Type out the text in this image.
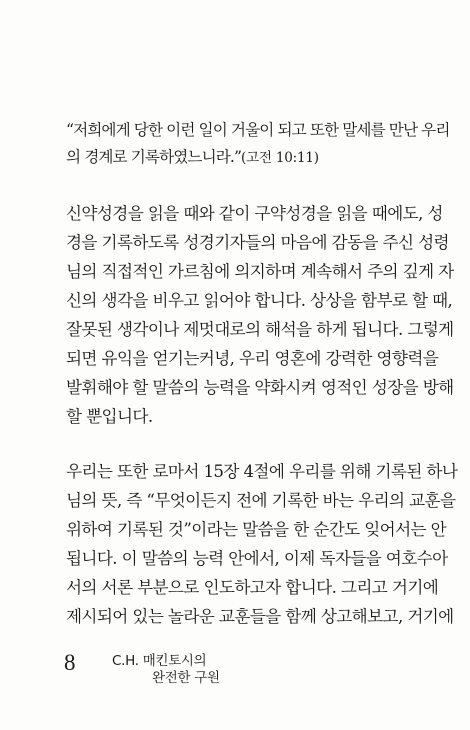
“저희에게 당한 이런 일이 거울이 되고 또한 말세를 만난 우리
의 경계로 기록하였느니라.”(고전 10:11)
신약성경을 읽을 때와 같이 구약성경을 읽을 때에도, 성
경을 기록하도록 성경기자들의 마음에 감동을 주신 성령
님의 직접적인 가르침에 의지하며 계속해서 주의 깊게 자
신의 생각을 비우고 읽어야 합니다. 상상을 함부로 할 때,
잘못된 생각이나 제멋대로의 해석을 하게 됩니다. 그렇게
되면 유익을 얻기는커녕, 우리 영혼에 강력한 영향력을
발휘해야 할 말씀의 능력을 약화시켜 영적인 성장을 방해
할 뿐입니다.
우리는 또한 로마서 15장 4절에 우리를 위해 기록된 하나
님의 뜻, 즉 “무엇이든지 전에 기록한 바는 우리의 교훈을
위하여 기록된 것”이라는 말씀을 한 순간도 잊어서는 안
됩니다. 이 말씀의 능력 안에서, 이제 독자들을 여호수아
서의 서론 부분으로 인도하고자 합니다. 그리고 거기에
제시되어 있는 놀라운 교훈들을 함께 상고해보고, 거기에
8	C.H. 매킨토시의
완전한 구원
